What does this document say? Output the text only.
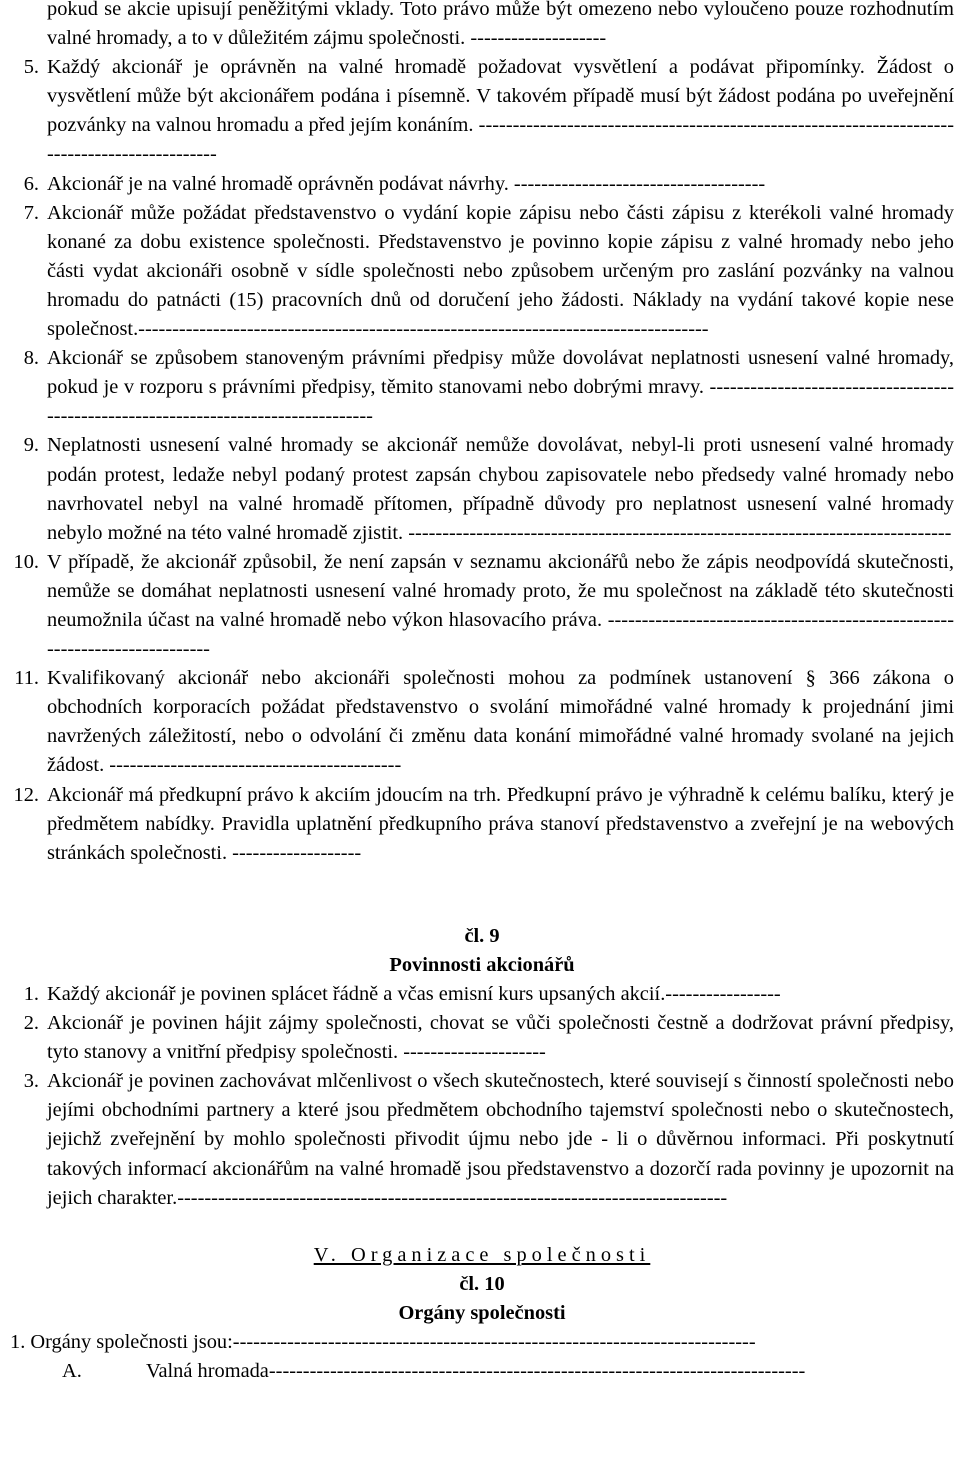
pokud se akcie upisují peněžitými vklady. Toto právo může být omezeno nebo vyloučeno pouze rozhodnutím valné hromady, a to v důležitém zájmu společnosti. --------------------
5. Každý akcionář je oprávněn na valné hromadě požadovat vysvětlení a podávat připomínky. Žádost o vysvětlení může být akcionářem podána i písemně. V takovém případě musí být žádost podána po uveřejnění pozvánky na valnou hromadu a před jejím konáním. -----------------------------------------------------------------------------------------------
6. Akcionář je na valné hromadě oprávněn podávat návrhy. -------------------------------------
7. Akcionář může požádat představenstvo o vydání kopie zápisu nebo části zápisu z kterékoli valné hromady konané za dobu existence společnosti. Představenstvo je povinno kopie zápisu z valné hromady nebo jeho části vydat akcionáři osobně v sídle společnosti nebo způsobem určeným pro zaslání pozvánky na valnou hromadu do patnácti (15) pracovních dnů od doručení jeho žádosti. Náklady na vydání takové kopie nese společnost.------------------------------------------------------------------------------------
8. Akcionář se způsobem stanoveným právními předpisy může dovolávat neplatnosti usnesení valné hromady, pokud je v rozporu s právními předpisy, těmito stanovami nebo dobrými mravy. ------------------------------------------------------------------------------------
9. Neplatnosti usnesení valné hromady se akcionář nemůže dovolávat, nebyl-li proti usnesení valné hromady podán protest, ledaže nebyl podaný protest zapsán chybou zapisovatele nebo předsedy valné hromady nebo navrhovatel nebyl na valné hromadě přítomen, případně důvody pro neplatnost usnesení valné hromady nebylo možné na této valné hromadě zjistit. --------------------------------------------------------------------------------
10. V případě, že akcionář způsobil, že není zapsán v seznamu akcionářů nebo že zápis neodpovídá skutečnosti, nemůže se domáhat neplatnosti usnesení valné hromady proto, že mu společnost na základě této skutečnosti neumožnila účast na valné hromadě nebo výkon hlasovacího práva. ---------------------------------------------------------------------------
11. Kvalifikovaný akcionář nebo akcionáři společnosti mohou za podmínek ustanovení § 366 zákona o obchodních korporacích požádat představenstvo o svolání mimořádné valné hromady k projednání jimi navržených záležitostí, nebo o odvolání či změnu data konání mimořádné valné hromady svolané na jejich žádost. -------------------------------------------
12. Akcionář má předkupní právo k akciím jdoucím na trh. Předkupní právo je výhradně k celému balíku, který je předmětem nabídky. Pravidla uplatnění předkupního práva stanoví představenstvo a zveřejní je na webových stránkách společnosti. -------------------
čl. 9
Povinnosti akcionářů
1. Každý akcionář je povinen splácet řádně a včas emisní kurs upsaných akcií.-----------------
2. Akcionář je povinen hájit zájmy společnosti, chovat se vůči společnosti čestně a dodržovat právní předpisy, tyto stanovy a vnitřní předpisy společnosti. ---------------------
3. Akcionář je povinen zachovávat mlčenlivost o všech skutečnostech, které souvisejí s činností společnosti nebo jejími obchodními partnery a které jsou předmětem obchodního tajemství společnosti nebo o skutečnostech, jejichž zveřejnění by mohlo společnosti přivodit újmu nebo jde - li o důvěrnou informaci. Při poskytnutí takových informací akcionářům na valné hromadě jsou představenstvo a dozorčí rada povinny je upozornit na jejich charakter.---------------------------------------------------------------------------------
V. Organizace společnosti
čl. 10
Orgány společnosti
1. Orgány společnosti jsou:-----------------------------------------------------------------------------
A.	Valná hromada-------------------------------------------------------------------------------
